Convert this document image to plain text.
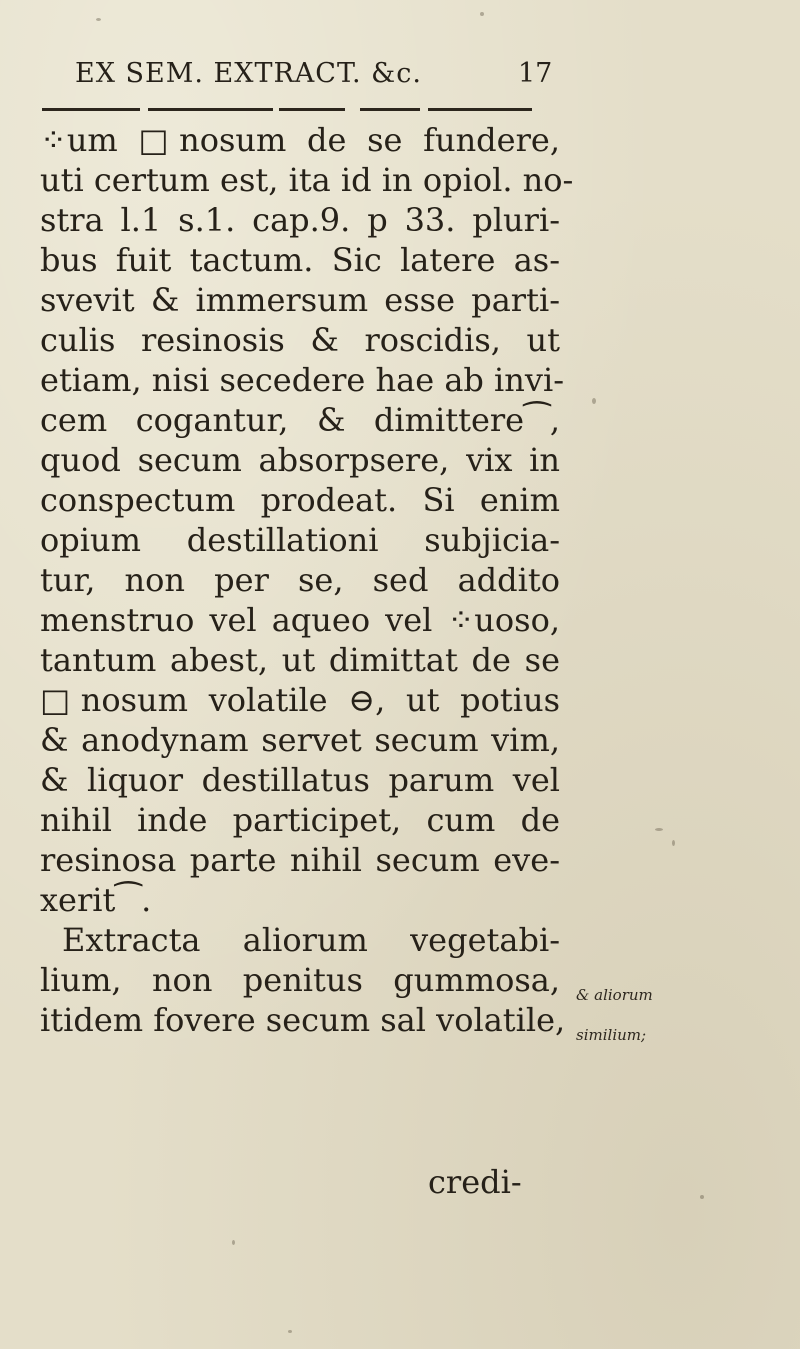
EX SEM. EXTRACT. &c.	17
⁘um □nosum de se fundere,
uti certum est, ita id in opiol. no-
stra l.1 s.1. cap.9. p 33. pluri-
bus fuit tactum. Sic latere as-
svevit & immersum esse parti-
culis resinosis & roscidis, ut
etiam, nisi secedere hae ab invi-
cem cogantur, & dimittere⁀,
quod secum absorpsere, vix in
conspectum prodeat. Si enim
opium destillationi subjicia-
tur, non per se, sed addito
menstruo vel aqueo vel ⁘uoso,
tantum abest, ut dimittat de se
□nosum volatile ⊖, ut potius
& anodynam servet secum vim,
& liquor destillatus parum vel
nihil inde participet, cum de
resinosa parte nihil secum eve-
xerit⁀.
Extracta aliorum vegetabi-
lium, non penitus gummosa,
itidem fovere secum sal volatile,
credi-
& aliorum
similium;
